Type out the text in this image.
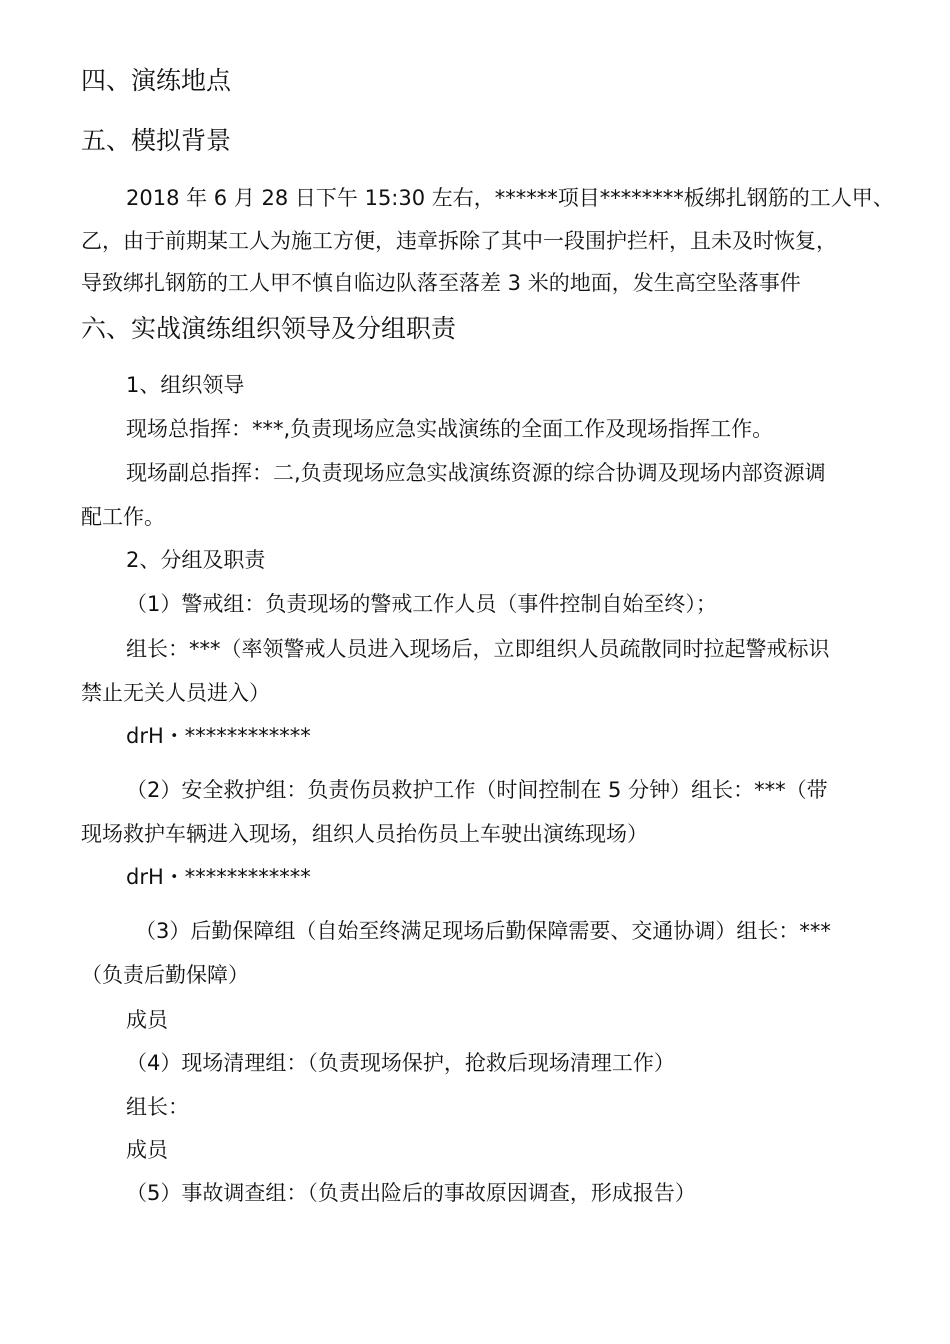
四、演练地点
五、模拟背景
2018 年 6 月 28 日下午 15:30 左右，******项目********板绑扎钢筋的工人甲、
乙，由于前期某工人为施工方便，违章拆除了其中一段围护拦杆，且未及时恢复，
导致绑扎钢筋的工人甲不慎自临边队落至落差 3 米的地面，发生高空坠落事件
六、实战演练组织领导及分组职责
1、组织领导
现场总指挥：***,负责现场应急实战演练的全面工作及现场指挥工作。
现场副总指挥：二,负责现场应急实战演练资源的综合协调及现场内部资源调
配工作。
2、分组及职责
（1）警戒组：负责现场的警戒工作人员（事件控制自始至终）；
组长：***（率领警戒人员进入现场后，立即组织人员疏散同时拉起警戒标识
禁止无关人员进入）
drH・************
（2）安全救护组：负责伤员救护工作（时间控制在 5 分钟）组长：***（带
现场救护车辆进入现场，组织人员抬伤员上车驶出演练现场）
drH・************
（3）后勤保障组（自始至终满足现场后勤保障需要、交通协调）组长：***
（负责后勤保障）
成员
（4）现场清理组：（负责现场保护，抢救后现场清理工作）
组长：
成员
（5）事故调查组：（负责出险后的事故原因调查，形成报告）
